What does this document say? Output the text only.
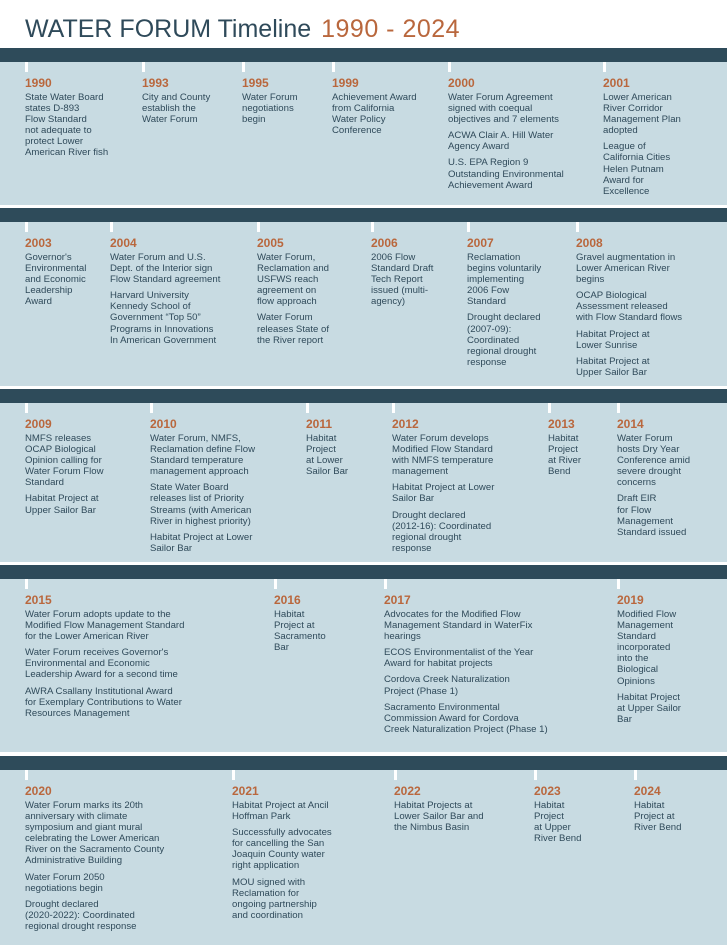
WATER FORUM Timeline 1990 - 2024
1990
State Water Board
states D-893
Flow Standard
not adequate to
protect Lower
American River fish
1993
City and County
establish the
Water Forum
1995
Water Forum
negotiations
begin
1999
Achievement Award
from California
Water Policy
Conference
2000
Water Forum Agreement
signed with coequal
objectives and 7 elements
ACWA Clair A. Hill Water
Agency Award
U.S. EPA Region 9
Outstanding Environmental
Achievement Award
2001
Lower American
River Corridor
Management Plan
adopted
League of
California Cities
Helen Putnam
Award for
Excellence
2003
Governor's
Environmental
and Economic
Leadership
Award
2004
Water Forum and U.S.
Dept. of the Interior sign
Flow Standard agreement
Harvard University
Kennedy School of
Government “Top 50”
Programs in Innovations
In American Government
2005
Water Forum,
Reclamation and
USFWS reach
agreement on
flow approach
Water Forum
releases State of
the River report
2006
2006 Flow
Standard Draft
Tech Report
issued (multi-
agency)
2007
Reclamation
begins voluntarily
implementing
2006 Fow
Standard
Drought declared
(2007-09):
Coordinated
regional drought
response
2008
Gravel augmentation in
Lower American River
begins
OCAP Biological
Assessment released
with Flow Standard flows
Habitat Project at
Lower Sunrise
Habitat Project at
Upper Sailor Bar
2009
NMFS releases
OCAP Biological
Opinion calling for
Water Forum Flow
Standard
Habitat Project at
Upper Sailor Bar
2010
Water Forum, NMFS,
Reclamation define Flow
Standard temperature
management approach
State Water Board
releases list of Priority
Streams (with American
River in highest priority)
Habitat Project at Lower
Sailor Bar
2011
Habitat
Project
at Lower
Sailor Bar
2012
Water Forum develops
Modified Flow Standard
with NMFS temperature
management
Habitat Project at Lower
Sailor Bar
Drought declared
(2012-16): Coordinated
regional drought
response
2013
Habitat
Project
at River
Bend
2014
Water Forum
hosts Dry Year
Conference amid
severe drought
concerns
Draft EIR
for Flow
Management
Standard issued
2015
Water Forum adopts update to the
Modified Flow Management Standard
for the Lower American River
Water Forum receives Governor's
Environmental and Economic
Leadership Award for a second time
AWRA Csallany Institutional Award
for Exemplary Contributions to Water
Resources Management
2016
Habitat
Project at
Sacramento
Bar
2017
Advocates for the Modified Flow
Management Standard in WaterFix
hearings
ECOS Environmentalist of the Year
Award for habitat projects
Cordova Creek Naturalization
Project (Phase 1)
Sacramento Environmental
Commission Award for Cordova
Creek Naturalization Project (Phase 1)
2019
Modified Flow
Management
Standard
incorporated
into the
Biological
Opinions
Habitat Project
at Upper Sailor
Bar
2020
Water Forum marks its 20th
anniversary with climate
symposium and giant mural
celebrating the Lower American
River on the Sacramento County
Administrative Building
Water Forum 2050
negotiations begin
Drought declared
(2020-2022): Coordinated
regional drought response
2021
Habitat Project at Ancil
Hoffman Park
Successfully advocates
for cancelling the San
Joaquin County water
right application
MOU signed with
Reclamation for
ongoing partnership
and coordination
2022
Habitat Projects at
Lower Sailor Bar and
the Nimbus Basin
2023
Habitat
Project
at Upper
River Bend
2024
Habitat
Project at
River Bend
